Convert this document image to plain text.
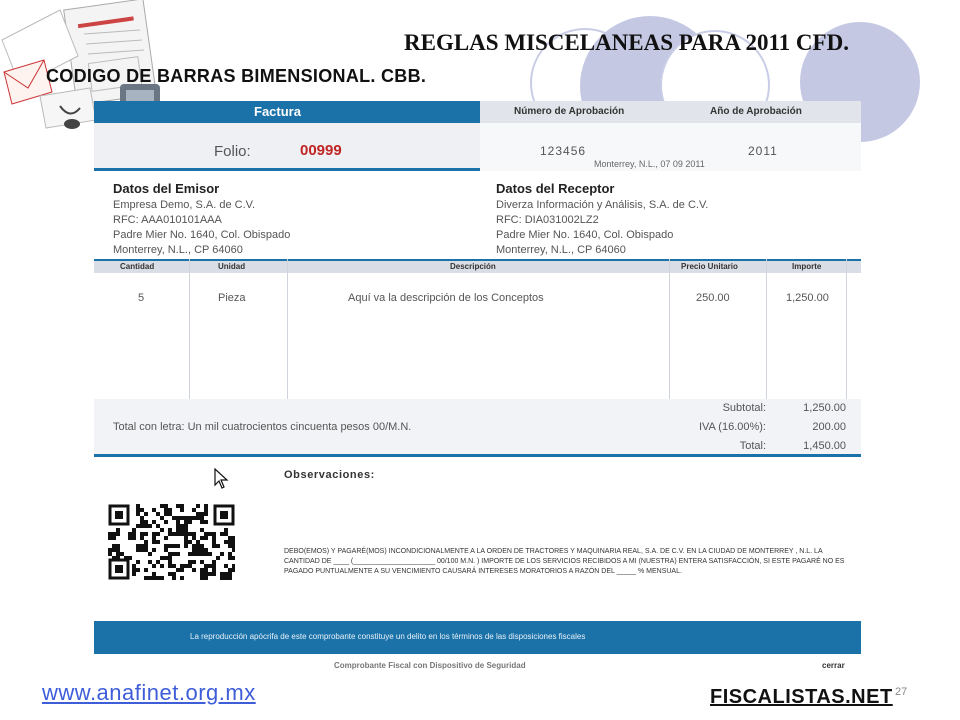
REGLAS MISCELANEAS PARA 2011 CFD.
CODIGO DE BARRAS BIMENSIONAL. CBB.
Factura
Folio:	00999
Número de Aprobación	Año de Aprobación
123456	2011
Monterrey, N.L., 07 09 2011
Datos del Emisor
Empresa Demo, S.A. de C.V.
RFC: AAA010101AAA
Padre Mier No. 1640, Col. Obispado
Monterrey, N.L., CP 64060
Datos del Receptor
Diverza Información y Análisis, S.A. de C.V.
RFC: DIA031002LZ2
Padre Mier No. 1640, Col. Obispado
Monterrey, N.L., CP 64060
Cantidad	Unidad	Descripción	Precio Unitario	Importe
5	Pieza	Aquí va la descripción de los Conceptos	250.00	1,250.00
Total con letra: Un mil cuatrocientos cincuenta pesos 00/M.N.
Subtotal:	1,250.00
IVA (16.00%):	200.00
Total:	1,450.00
Observaciones:
DEBO(EMOS) Y PAGARÉ(MOS) INCONDICIONALMENTE A LA ORDEN DE TRACTORES Y MAQUINARIA REAL, S.A. DE C.V. EN LA CIUDAD DE MONTERREY , N.L. LA CANTIDAD DE ____ (_____________________ 00/100 M.N. ) IMPORTE DE LOS SERVICIOS RECIBIDOS A MI (NUESTRA) ENTERA SATISFACCIÓN, SI ESTE PAGARÉ NO ES PAGADO PUNTUALMENTE A SU VENCIMIENTO CAUSARÁ INTERESES MORATORIOS A RAZÓN DEL _____ % MENSUAL.
La reproducción apócrifa de este comprobante constituye un delito en los términos de las disposiciones fiscales
Comprobante Fiscal con Dispositivo de Seguridad	cerrar
www.anafinet.org.mx	FISCALISTAS.NET 27
